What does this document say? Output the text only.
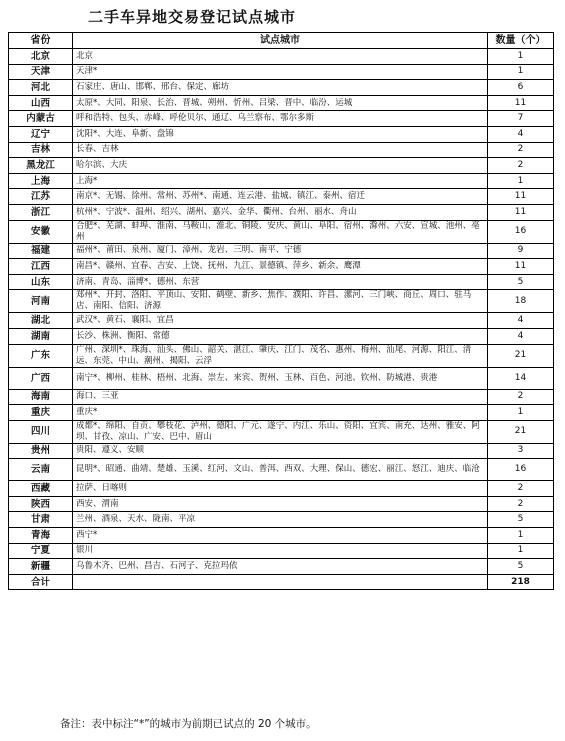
二手车异地交易登记试点城市
省份	试点城市	数量（个）
北京	北京	1
天津	天津*	1
河北	石家庄、唐山、邯郸、邢台、保定、廊坊	6
山西	太原*、大同、阳泉、长治、晋城、朔州、忻州、吕梁、晋中、临汾、运城	11
内蒙古	呼和浩特、包头、赤峰、呼伦贝尔、通辽、乌兰察布、鄂尔多斯	7
辽宁	沈阳*、大连、阜新、盘锦	4
吉林	长春、吉林	2
黑龙江	哈尔滨、大庆	2
上海	上海*	1
江苏	南京*、无锡、徐州、常州、苏州*、南通、连云港、盐城、镇江、泰州、宿迁	11
浙江	杭州*、宁波*、温州、绍兴、湖州、嘉兴、金华、衢州、台州、丽水、舟山	11
安徽	合肥*、芜湖、蚌埠、淮南、马鞍山、淮北、铜陵、安庆、黄山、阜阳、宿州、滁州、六安、宣城、池州、亳州	16
福建	福州*、莆田、泉州、厦门、漳州、龙岩、三明、南平、宁德	9
江西	南昌*、赣州、宜春、吉安、上饶、抚州、九江、景德镇、萍乡、新余、鹰潭	11
山东	济南、青岛、淄博*、德州、东营	5
河南	郑州*、开封、洛阳、平顶山、安阳、鹤壁、新乡、焦作、濮阳、许昌、漯河、三门峡、商丘、周口、驻马店、南阳、信阳、济源	18
湖北	武汉*、黄石、襄阳、宜昌	4
湖南	长沙、株洲、衡阳、常德	4
广东	广州、深圳*、珠海、汕头、佛山、韶关、湛江、肇庆、江门、茂名、惠州、梅州、汕尾、河源、阳江、清远、东莞、中山、潮州、揭阳、云浮	21
广西	南宁*、柳州、桂林、梧州、北海、崇左、来宾、贺州、玉林、百色、河池、钦州、防城港、贵港	14
海南	海口、三亚	2
重庆	重庆*	1
四川	成都*、绵阳、自贡、攀枝花、泸州、德阳、广元、遂宁、内江、乐山、资阳、宜宾、南充、达州、雅安、阿坝、甘孜、凉山、广安、巴中、眉山	21
贵州	贵阳、遵义、安顺	3
云南	昆明*、昭通、曲靖、楚雄、玉溪、红河、文山、普洱、西双、大理、保山、德宏、丽江、怒江、迪庆、临沧	16
西藏	拉萨、日喀则	2
陕西	西安、渭南	2
甘肃	兰州、酒泉、天水、陇南、平凉	5
青海	西宁*	1
宁夏	银川	1
新疆	乌鲁木齐、巴州、昌吉、石河子、克拉玛依	5
合计		218
备注：表中标注“*”的城市为前期已试点的 20 个城市。
